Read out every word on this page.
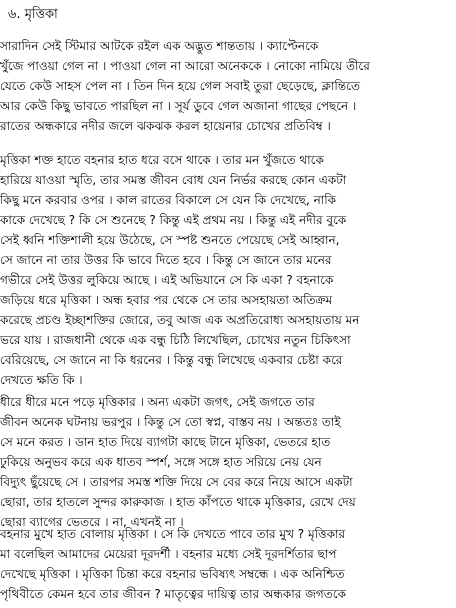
৬. মৃত্তিকা
সারাদিন সেই স্টিমার আটকে রইল এক অদ্ভুত শান্ততায় । ক্যাপ্টেনকে
খুঁজে পাওয়া গেল না । পাওয়া গেল না আরো অনেককে । নোকো নামিয়ে তীরে
যেতে কেউ সাহস পেল না । তিন দিন হয়ে গেল সবাই তুরা ছেড়েছে, ক্লান্তিতে
আর কেউ কিছু ভাবতে পারছিল না । সূর্য ডুবে গেল অজানা গাছের পেছনে ।
রাতের অন্ধকারে নদীর জলে ঝকঝক করল হায়েনার চোখের প্রতিবিম্ব ।
মৃত্তিকা শক্ত হাতে বহনার হাত ধরে বসে থাকে । তার মন খুঁজতে থাকে
হারিয়ে যাওয়া স্মৃতি, তার সমস্ত জীবন বোধ যেন নির্ভর করছে কোন একটা
কিছু মনে করবার ওপর । কাল রাতের বিকালে সে যেন কি দেখেছে, নাকি
কাকে দেখেছে ? কি সে শুনেছে ? কিন্তু এই প্রথম নয় । কিন্তু এই নদীর বুকে
সেই ধ্বনি শক্তিশালী হয়ে উঠেছে, সে স্পষ্ট শুনতে পেয়েছে সেই আহ্বান,
সে জানে না তার উত্তর কি ভাবে দিতে হবে । কিন্তু সে জানে তার মনের
গভীরে সেই উত্তর লুকিয়ে আছে । এই অভিযানে সে কি একা ? বহনাকে
জড়িয়ে ধরে মৃত্তিকা । অন্ধ হবার পর থেকে সে তার অসহায়তা অতিক্রম
করেছে প্রচণ্ড ইচ্ছাশক্তির জোরে, তবু আজ এক অপ্রতিরোধ্য অসহায়তায় মন
ভরে যায় । রাজধানী থেকে এক বন্ধু চিঠি লিখেছিল, চোখের নতুন চিকিৎসা
বেরিয়েছে, সে জানে না কি ধরনের । কিন্তু বন্ধু লিখেছে একবার চেষ্টা করে
দেখতে ক্ষতি কি ।
ধীরে ধীরে মনে পড়ে মৃত্তিকার । অন্য একটা জগৎ, সেই জগতে তার
জীবন অনেক ঘটনায় ভরপুর । কিন্তু সে তো স্বপ্ন, বাস্তব নয় । অন্ততঃ তাই
সে মনে করত । ডান হাত দিয়ে ব্যাগটা কাছে টানে মৃত্তিকা, ভেতরে হাত
ঢুকিয়ে অনুভব করে এক ধাতব স্পর্শ, সঙ্গে সঙ্গে হাত সরিয়ে নেয় যেন
বিদ্যুৎ ছুঁয়েছে সে । তারপর সমস্ত শক্তি দিয়ে সে বের করে নিয়ে আসে একটা
ছোরা, তার হাতলে সুন্দর কারুকাজ । হাত কাঁপতে থাকে মৃত্তিকার, রেখে দেয়
ছোরা ব্যাগের ভেতরে । না, এখনই না ।
বহনার মুখে হাত বোলায় মৃত্তিকা । সে কি দেখতে পাবে তার মুখ ? মৃত্তিকার
মা বলেছিল আমাদের মেয়েরা দূরদর্শী । বহনার মধ্যে সেই দূরদর্শিতার ছাপ
দেখেছে মৃত্তিকা । মৃত্তিকা চিন্তা করে বহনার ভবিষ্যৎ সম্বন্ধে । এক অনিশ্চিত
পৃথিবীতে কেমন হবে তার জীবন ? মাতৃত্বের দায়িত্ব তার অন্ধকার জগতকে
